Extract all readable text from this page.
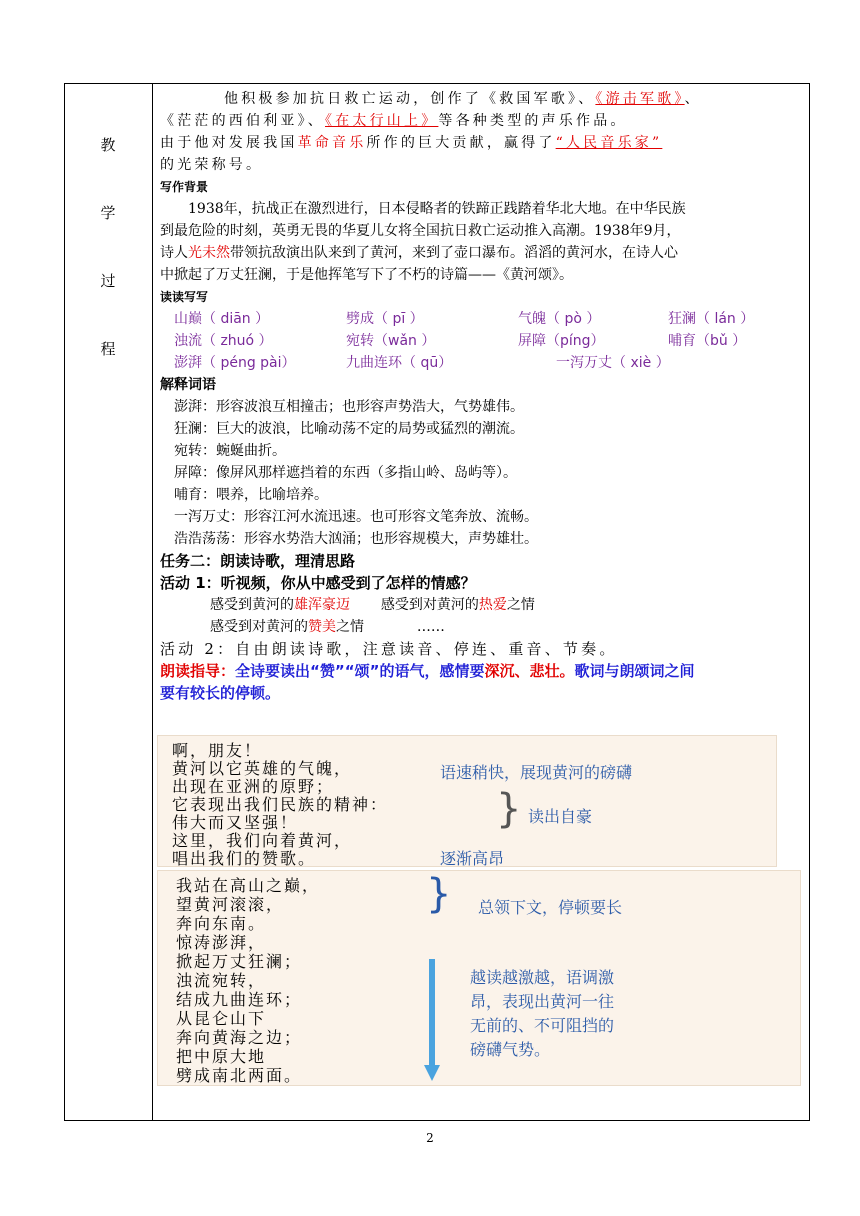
教
学
过
程

他积极参加抗日救亡运动，创作了《救国军歌》、《游击军歌》、

《茫茫的西伯利亚》、《在太行山上》等各种类型的声乐作品。

由于他对发展我国革命音乐所作的巨大贡献，赢得了“人民音乐家”

的光荣称号。

写作背景

1938年，抗战正在激烈进行，日本侵略者的铁蹄正践踏着华北大地。在中华民族

到最危险的时刻，英勇无畏的华夏儿女将全国抗日救亡运动推入高潮。1938年9月，

诗人光未然带领抗敌演出队来到了黄河，来到了壶口瀑布。滔滔的黄河水，在诗人心

中掀起了万丈狂澜，于是他挥笔写下了不朽的诗篇——《黄河颂》。

读读写写

山巅（ diān ）	劈成（ pī ）	气魄（ pò ）	狂澜（ lán ）
浊流（ zhuó ）	宛转（wǎn ）	屏障（píng）	哺育（bǔ ）
澎湃（ péng pài）	九曲连环（ qū）	一泻万丈（ xiè ）

解释词语

澎湃：形容波浪互相撞击；也形容声势浩大，气势雄伟。

狂澜：巨大的波浪，比喻动荡不定的局势或猛烈的潮流。

宛转：蜿蜒曲折。

屏障：像屏风那样遮挡着的东西（多指山岭、岛屿等）。

哺育：喂养，比喻培养。

一泻万丈：形容江河水流迅速。也可形容文笔奔放、流畅。

浩浩荡荡：形容水势浩大汹涌；也形容规模大，声势雄壮。

任务二：朗读诗歌，理清思路

活动 1：听视频，你从中感受到了怎样的情感？

感受到黄河的雄浑豪迈 感受到对黄河的热爱之情

感受到对黄河的赞美之情	……

活动 2：自由朗读诗歌，注意读音、停连、重音、节奏。

朗读指导：全诗要读出“赞”“颂”的语气，感情要深沉、悲壮。歌词与朗颂词之间

要有较长的停顿。

啊，朋友！
黄河以它英雄的气魄，
出现在亚洲的原野；
它表现出我们民族的精神：
伟大而又坚强！
这里，我们向着黄河，
唱出我们的赞歌。
语速稍快，展现黄河的磅礴
} 读出自豪
逐渐高昂
我站在高山之巅，
望黄河滚滚，
奔向东南。
惊涛澎湃，
掀起万丈狂澜；
浊流宛转，
结成九曲连环；
从昆仑山下
奔向黄海之边；
把中原大地
劈成南北两面。
} 总领下文，停顿要长
越读越激越，语调激
昂，表现出黄河一往
无前的、不可阻挡的
磅礴气势。
2
